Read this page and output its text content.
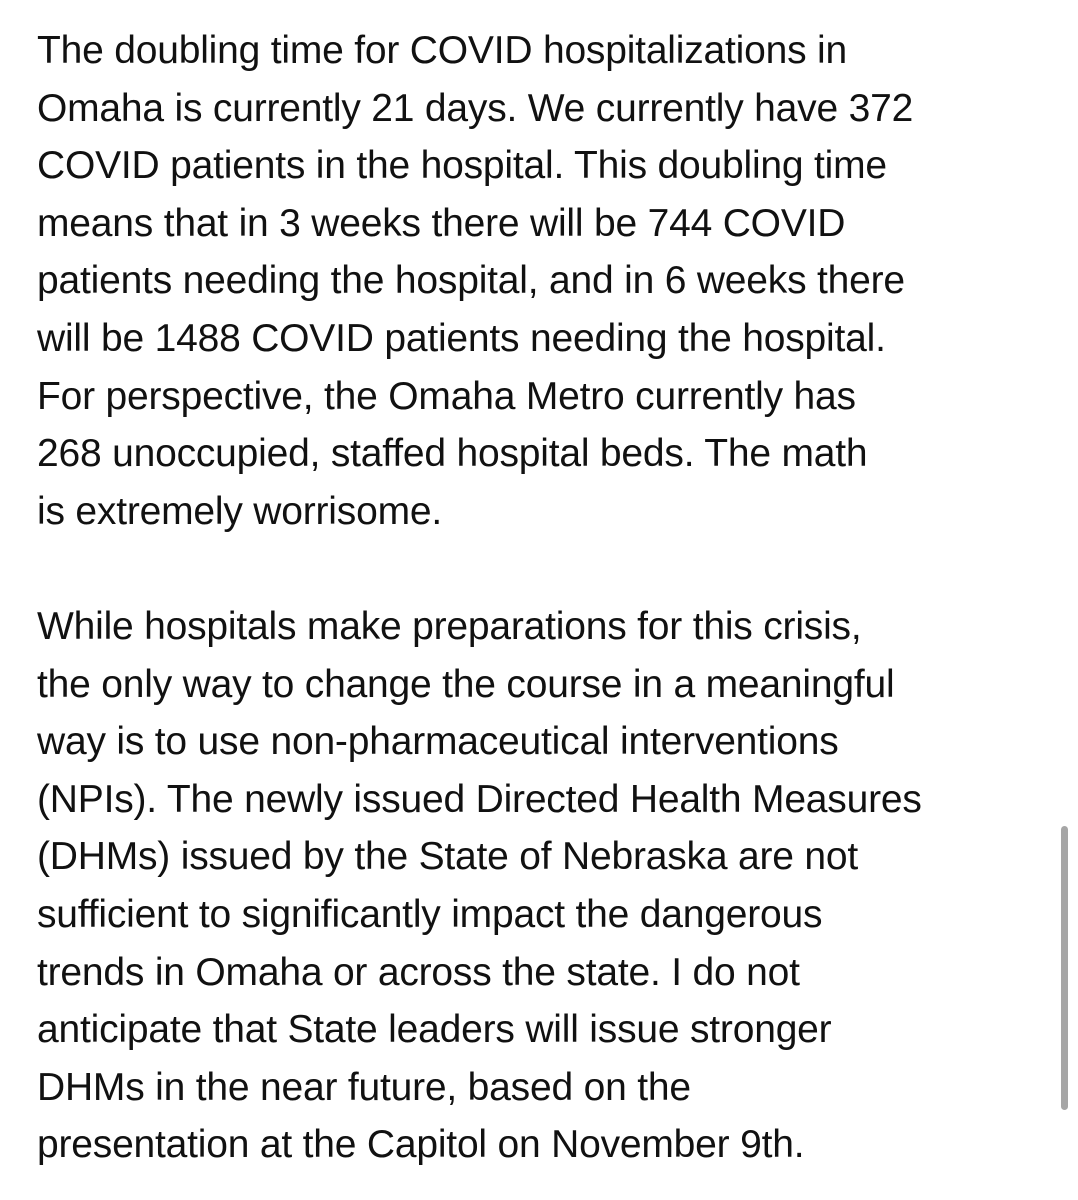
The doubling time for COVID hospitalizations in
Omaha is currently 21 days. We currently have 372
COVID patients in the hospital. This doubling time
means that in 3 weeks there will be 744 COVID
patients needing the hospital, and in 6 weeks there
will be 1488 COVID patients needing the hospital.
For perspective, the Omaha Metro currently has
268 unoccupied, staffed hospital beds. The math
is extremely worrisome.
While hospitals make preparations for this crisis,
the only way to change the course in a meaningful
way is to use non-pharmaceutical interventions
(NPIs). The newly issued Directed Health Measures
(DHMs) issued by the State of Nebraska are not
sufficient to significantly impact the dangerous
trends in Omaha or across the state. I do not
anticipate that State leaders will issue stronger
DHMs in the near future, based on the
presentation at the Capitol on November 9th.
